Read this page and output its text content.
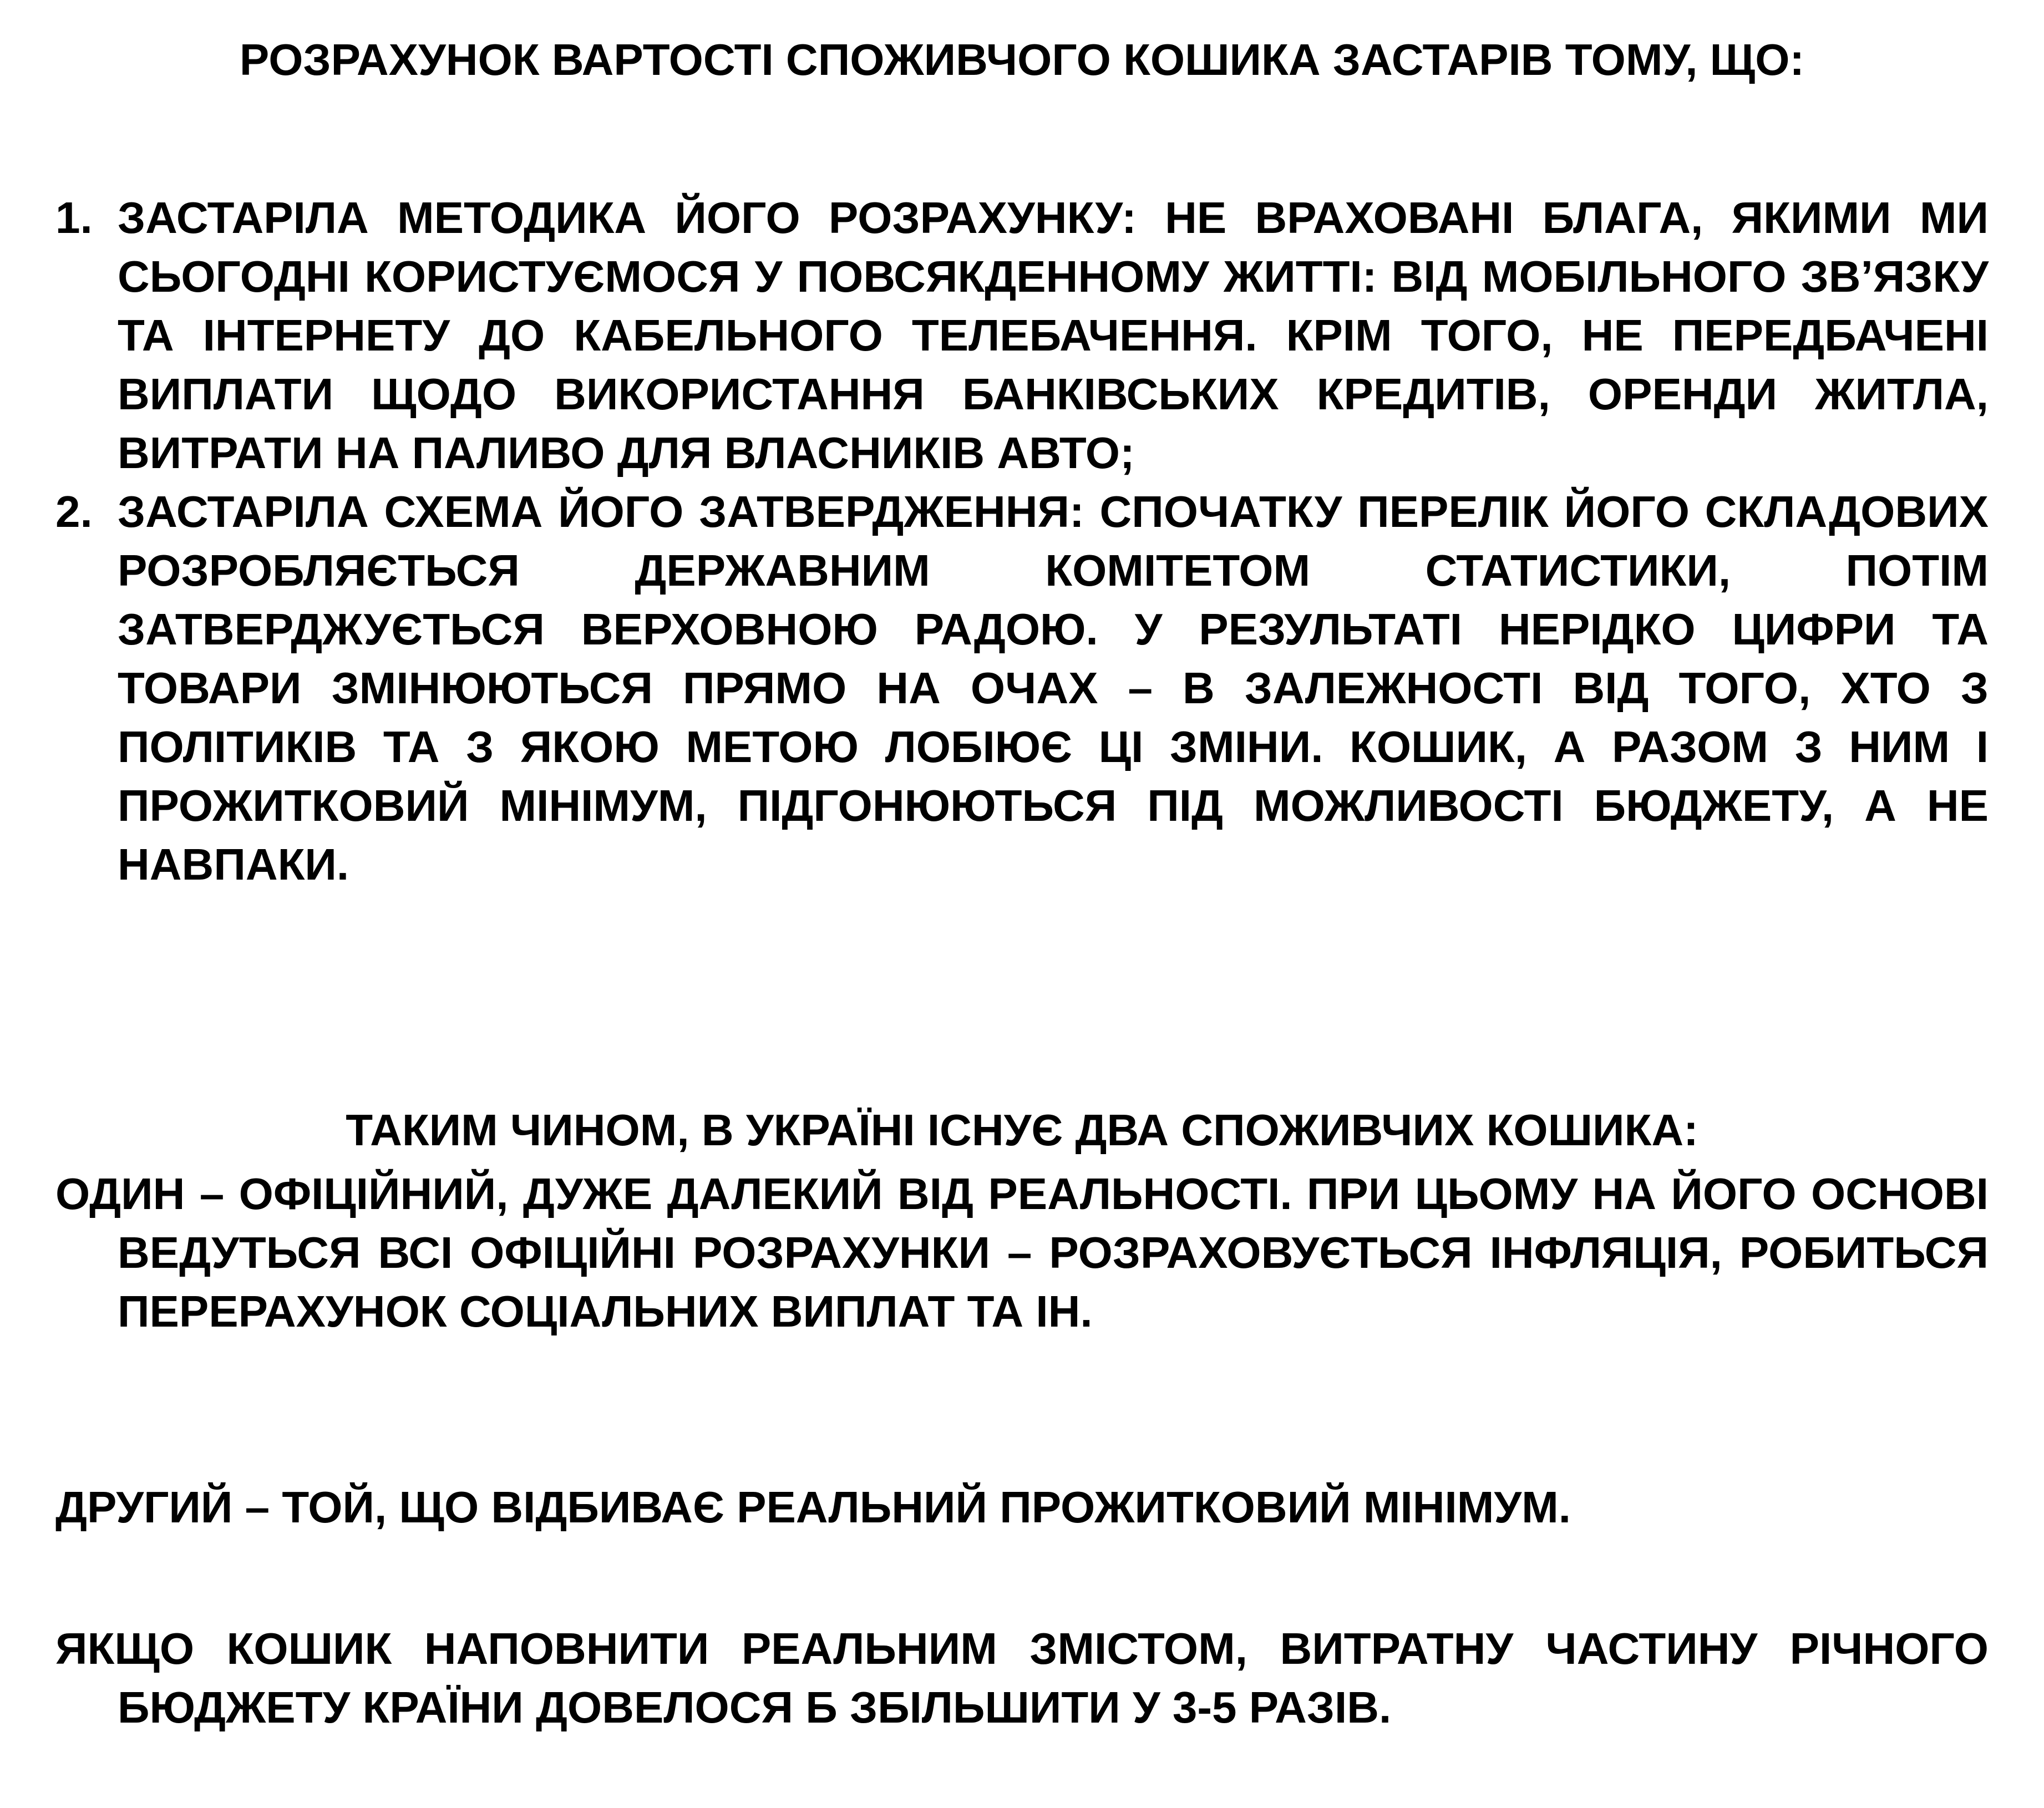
РОЗРАХУНОК ВАРТОСТІ СПОЖИВЧОГО КОШИКА ЗАСТАРІВ ТОМУ, ЩО:
1. ЗАСТАРІЛА МЕТОДИКА ЙОГО РОЗРАХУНКУ: НЕ ВРАХОВАНІ БЛАГА, ЯКИМИ МИ СЬОГОДНІ КОРИСТУЄМОСЯ У ПОВСЯКДЕННОМУ ЖИТТІ: ВІД МОБІЛЬНОГО ЗВ’ЯЗКУ ТА ІНТЕРНЕТУ ДО КАБЕЛЬНОГО ТЕЛЕБАЧЕННЯ. КРІМ ТОГО, НЕ ПЕРЕДБАЧЕНІ ВИПЛАТИ ЩОДО ВИКОРИСТАННЯ БАНКІВСЬКИХ КРЕДИТІВ, ОРЕНДИ ЖИТЛА, ВИТРАТИ НА ПАЛИВО ДЛЯ ВЛАСНИКІВ АВТО;
2. ЗАСТАРІЛА СХЕМА ЙОГО ЗАТВЕРДЖЕННЯ: СПОЧАТКУ ПЕРЕЛІК ЙОГО СКЛАДОВИХ РОЗРОБЛЯЄТЬСЯ ДЕРЖАВНИМ КОМІТЕТОМ СТАТИСТИКИ, ПОТІМ ЗАТВЕРДЖУЄТЬСЯ ВЕРХОВНОЮ РАДОЮ. У РЕЗУЛЬТАТІ НЕРІДКО ЦИФРИ ТА ТОВАРИ ЗМІНЮЮТЬСЯ ПРЯМО НА ОЧАХ – В ЗАЛЕЖНОСТІ ВІД ТОГО, ХТО З ПОЛІТИКІВ ТА З ЯКОЮ МЕТОЮ ЛОБІЮЄ ЦІ ЗМІНИ. КОШИК, А РАЗОМ З НИМ І ПРОЖИТКОВИЙ МІНІМУМ, ПІДГОНЮЮТЬСЯ ПІД МОЖЛИВОСТІ БЮДЖЕТУ, А НЕ НАВПАКИ.

ТАКИМ ЧИНОМ, В УКРАЇНІ ІСНУЄ ДВА СПОЖИВЧИХ КОШИКА:

ОДИН – ОФІЦІЙНИЙ, ДУЖЕ ДАЛЕКИЙ ВІД РЕАЛЬНОСТІ. ПРИ ЦЬОМУ НА ЙОГО ОСНОВІ ВЕДУТЬСЯ ВСІ ОФІЦІЙНІ РОЗРАХУНКИ – РОЗРАХОВУЄТЬСЯ ІНФЛЯЦІЯ, РОБИТЬСЯ ПЕРЕРАХУНОК СОЦІАЛЬНИХ ВИПЛАТ ТА ІН.

ДРУГИЙ – ТОЙ, ЩО ВІДБИВАЄ РЕАЛЬНИЙ ПРОЖИТКОВИЙ МІНІМУМ.

ЯКЩО КОШИК НАПОВНИТИ РЕАЛЬНИМ ЗМІСТОМ, ВИТРАТНУ ЧАСТИНУ РІЧНОГО БЮДЖЕТУ КРАЇНИ ДОВЕЛОСЯ Б ЗБІЛЬШИТИ У 3-5 РАЗІВ.
